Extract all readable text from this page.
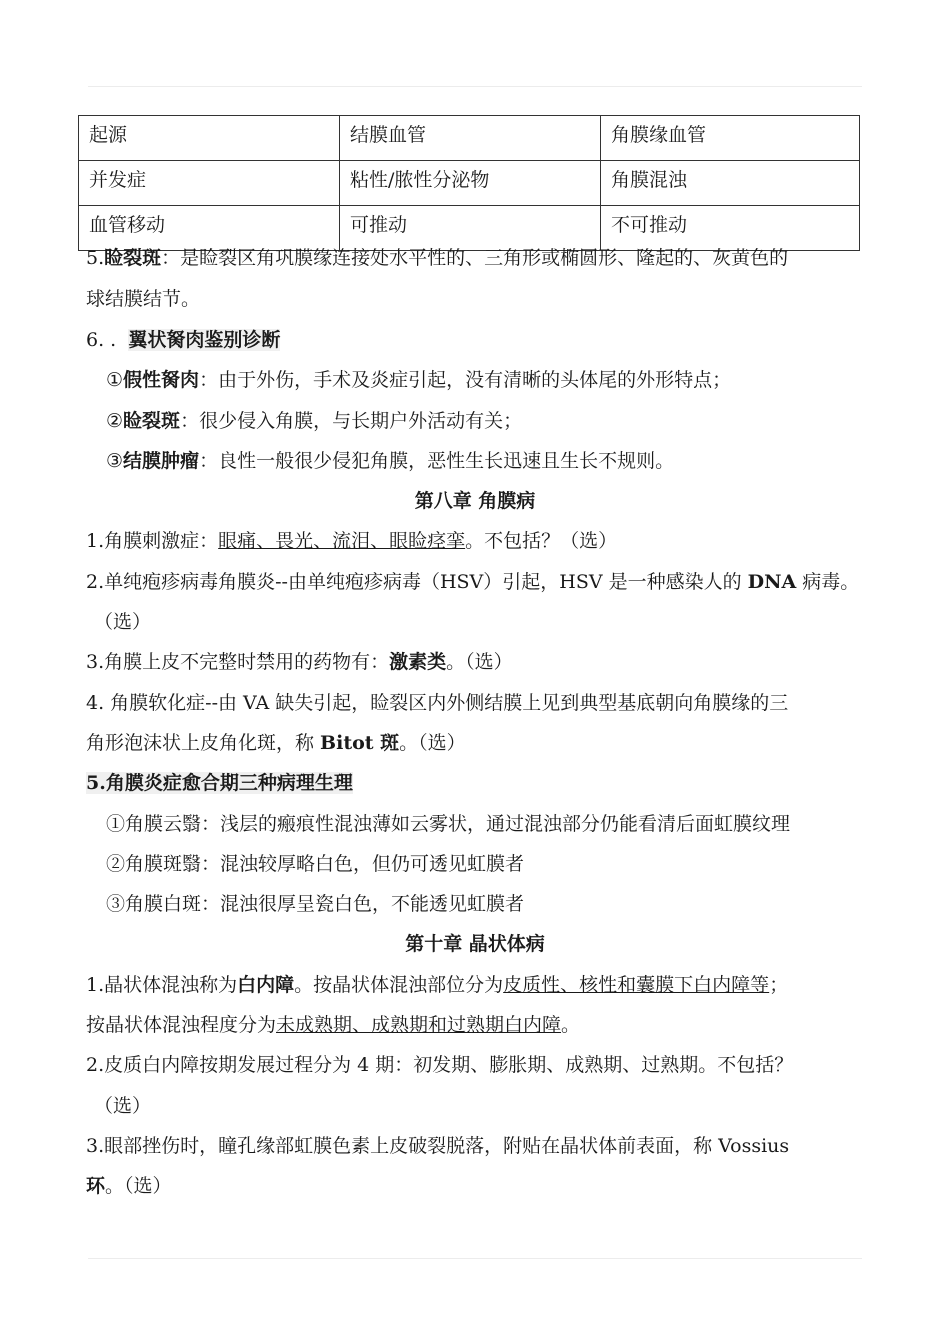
起源	结膜血管	角膜缘血管
并发症	粘性/脓性分泌物	角膜混浊
血管移动	可推动	不可推动
5.睑裂斑：是睑裂区角巩膜缘连接处水平性的、三角形或椭圆形、隆起的、灰黄色的
球结膜结节。
6. . 翼状胬肉鉴别诊断
①假性胬肉：由于外伤，手术及炎症引起，没有清晰的头体尾的外形特点；
②睑裂斑：很少侵入角膜，与长期户外活动有关；
③结膜肿瘤：良性一般很少侵犯角膜，恶性生长迅速且生长不规则。
第八章 角膜病
1.角膜刺激症：眼痛、畏光、流泪、眼睑痉挛。不包括？（选）
2.单纯疱疹病毒角膜炎--由单纯疱疹病毒（HSV）引起，HSV 是一种感染人的 DNA 病毒。
（选）
3.角膜上皮不完整时禁用的药物有：激素类。（选）
4. 角膜软化症--由 VA 缺失引起，睑裂区内外侧结膜上见到典型基底朝向角膜缘的三
角形泡沫状上皮角化斑，称 Bitot 斑。（选）
5.角膜炎症愈合期三种病理生理
①角膜云翳：浅层的瘢痕性混浊薄如云雾状，通过混浊部分仍能看清后面虹膜纹理
②角膜斑翳：混浊较厚略白色，但仍可透见虹膜者
③角膜白斑：混浊很厚呈瓷白色，不能透见虹膜者
第十章 晶状体病
1.晶状体混浊称为白内障。按晶状体混浊部位分为皮质性、核性和囊膜下白内障等；
按晶状体混浊程度分为未成熟期、成熟期和过熟期白内障。
2.皮质白内障按期发展过程分为 4 期：初发期、膨胀期、成熟期、过熟期。不包括？
（选）
3.眼部挫伤时，瞳孔缘部虹膜色素上皮破裂脱落，附贴在晶状体前表面，称 Vossius
环。（选）
